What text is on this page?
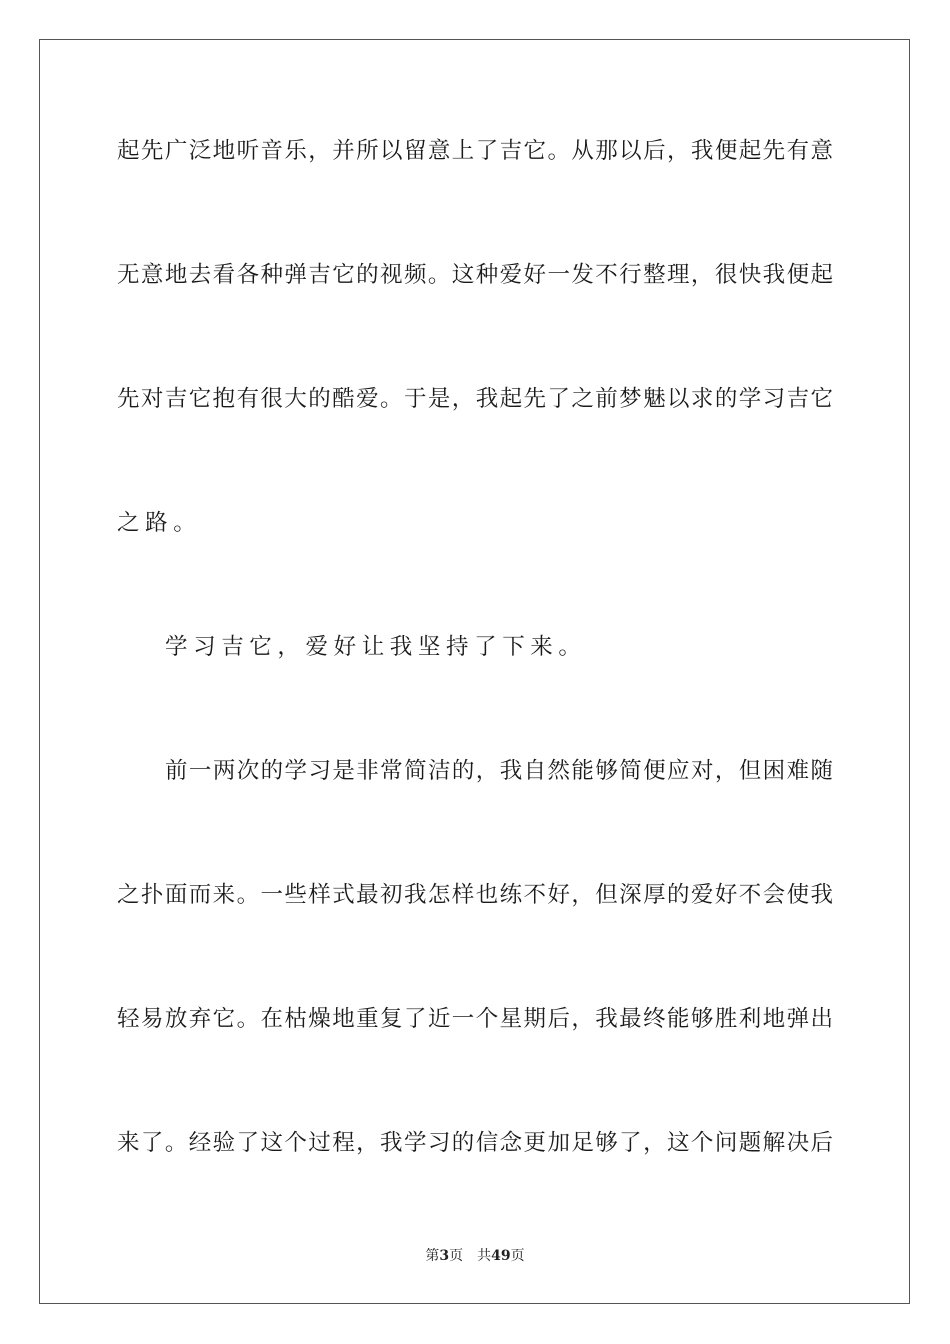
起先广泛地听音乐，并所以留意上了吉它。从那以后，我便起先有意
无意地去看各种弹吉它的视频。这种爱好一发不行整理，很快我便起
先对吉它抱有很大的酷爱。于是，我起先了之前梦魅以求的学习吉它
之路。
学习吉它，爱好让我坚持了下来。
前一两次的学习是非常简洁的，我自然能够简便应对，但困难随
之扑面而来。一些样式最初我怎样也练不好，但深厚的爱好不会使我
轻易放弃它。在枯燥地重复了近一个星期后，我最终能够胜利地弹出
来了。经验了这个过程，我学习的信念更加足够了，这个问题解决后
第3页 共49页
